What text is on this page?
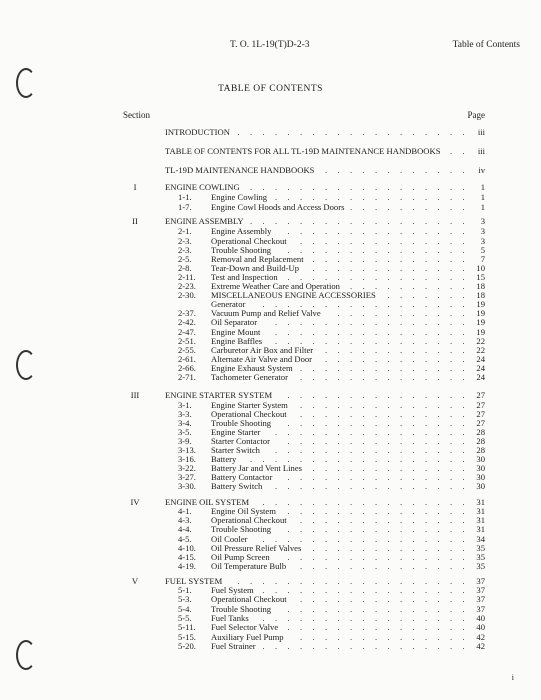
T. O. 1L-19(T)D-2-3	Table of Contents
TABLE OF CONTENTS
Section	Page
INTRODUCTION	iii
. . . . . . . . . . . . . . . . . . .
TABLE OF CONTENTS FOR ALL TL-19D MAINTENANCE HANDBOOKS	iii
. .
TL-19D MAINTENANCE HANDBOOKS	iv
. . . . . . . . . . . .
I	ENGINE COWLING	1
. . . . . . . . . . . . . . . . . .
1-1. Engine Cowling	1
. . . . . . . . . . . . . . . .
1-7. Engine Cowl Hoods and Access Doors	1
. . . . . . . . . .
II	ENGINE ASSEMBLY	3
. . . . . . . . . . . . . . . . . .
2-1. Engine Assembly	3
. . . . . . . . . . . . . . .
2-3. Operational Checkout	3
. . . . . . . . . . . . . .
2-3. Trouble Shooting	5
. . . . . . . . . . . . . . .
2-5. Removal and Replacement	7
. . . . . . . . . . . . .
2-8. Tear-Down and Build-Up	10
. . . . . . . . . . . . .
2-11. Test and Inspection	15
. . . . . . . . . . . . . . .
2-23. Extreme Weather Care and Operation	18
. . . . . . . . . .
2-30. MISCELLANEOUS ENGINE ACCESSORIES	18
. . . . . . .
Generator	19
. . . . . . . . . . . . . . . . .
2-37. Vacuum Pump and Relief Valve	19
. . . . . . . . . . .
2-42. Oil Separator	19
. . . . . . . . . . . . . . . .
2-47. Engine Mount	19
. . . . . . . . . . . . . . . .
2-51. Engine Baffles	22
. . . . . . . . . . . . . . . .
2-55. Carburetor Air Box and Filter	22
. . . . . . . . . . . .
2-61. Alternate Air Valve and Door	24
. . . . . . . . . . . .
2-66. Engine Exhaust System	24
. . . . . . . . . . . . . .
2-71. Tachometer Generator	24
. . . . . . . . . . . . . .
III	ENGINE STARTER SYSTEM	27
. . . . . . . . . . . . . . .
3-1. Engine Starter System	27
. . . . . . . . . . . . . .
3-3. Operational Checkout	27
. . . . . . . . . . . . . .
3-4. Trouble Shooting	27
. . . . . . . . . . . . . . .
3-5. Engine Starter	28
. . . . . . . . . . . . . . . .
3-9. Starter Contactor	28
. . . . . . . . . . . . . . .
3-13. Starter Switch	28
. . . . . . . . . . . . . . . .
3-16. Battery	30
. . . . . . . . . . . . . . . . . .
3-22. Battery Jar and Vent Lines	30
. . . . . . . . . . . . .
3-27. Battery Contactor	30
. . . . . . . . . . . . . . .
3-30. Battery Switch	30
. . . . . . . . . . . . . . . .
IV	ENGINE OIL SYSTEM	31
. . . . . . . . . . . . . . . . .
4-1. Engine Oil System	31
. . . . . . . . . . . . . . .
4-3. Operational Checkout	31
. . . . . . . . . . . . . .
4-4. Trouble Shooting	31
. . . . . . . . . . . . . . .
4-5. Oil Cooler	34
. . . . . . . . . . . . . . . . .
4-10. Oil Pressure Relief Valves	35
. . . . . . . . . . . . .
4-15. Oil Pump Screen	35
. . . . . . . . . . . . . . .
4-19. Oil Temperature Bulb	35
. . . . . . . . . . . . . .
V	FUEL SYSTEM	37
. . . . . . . . . . . . . . . . . . .
5-1. Fuel System	37
. . . . . . . . . . . . . . . . .
5-3. Operational Checkout	37
. . . . . . . . . . . . . .
5-4. Trouble Shooting	37
. . . . . . . . . . . . . . .
5-5. Fuel Tanks	40
. . . . . . . . . . . . . . . . .
5-11. Fuel Selector Valve	40
. . . . . . . . . . . . . . .
5-15. Auxiliary Fuel Pump	42
. . . . . . . . . . . . . .
5-20. Fuel Strainer	42
. . . . . . . . . . . . . . . . .
i
